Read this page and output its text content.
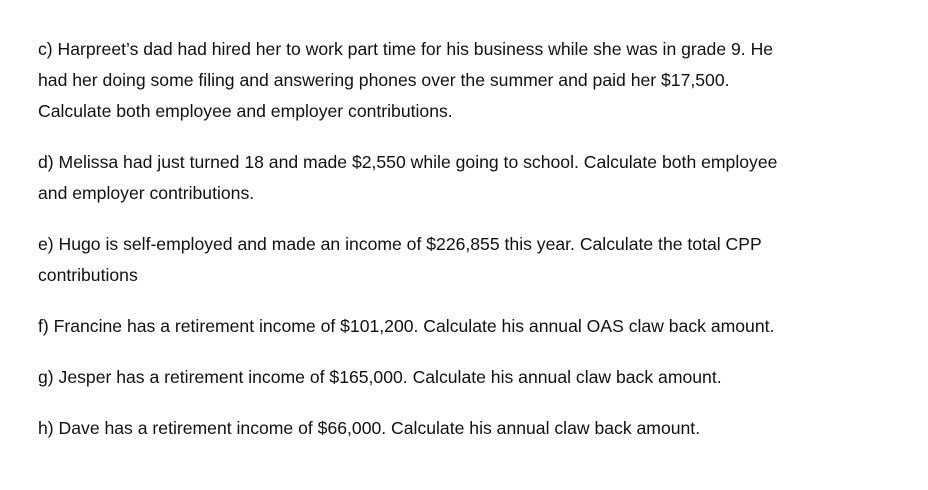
c) Harpreet’s dad had hired her to work part time for his business while she was in grade 9. He
had her doing some filing and answering phones over the summer and paid her $17,500.
Calculate both employee and employer contributions.
d) Melissa had just turned 18 and made $2,550 while going to school. Calculate both employee
and employer contributions.
e) Hugo is self-employed and made an income of $226,855 this year. Calculate the total CPP
contributions
f) Francine has a retirement income of $101,200. Calculate his annual OAS claw back amount.
g) Jesper has a retirement income of $165,000. Calculate his annual claw back amount.
h) Dave has a retirement income of $66,000. Calculate his annual claw back amount.
